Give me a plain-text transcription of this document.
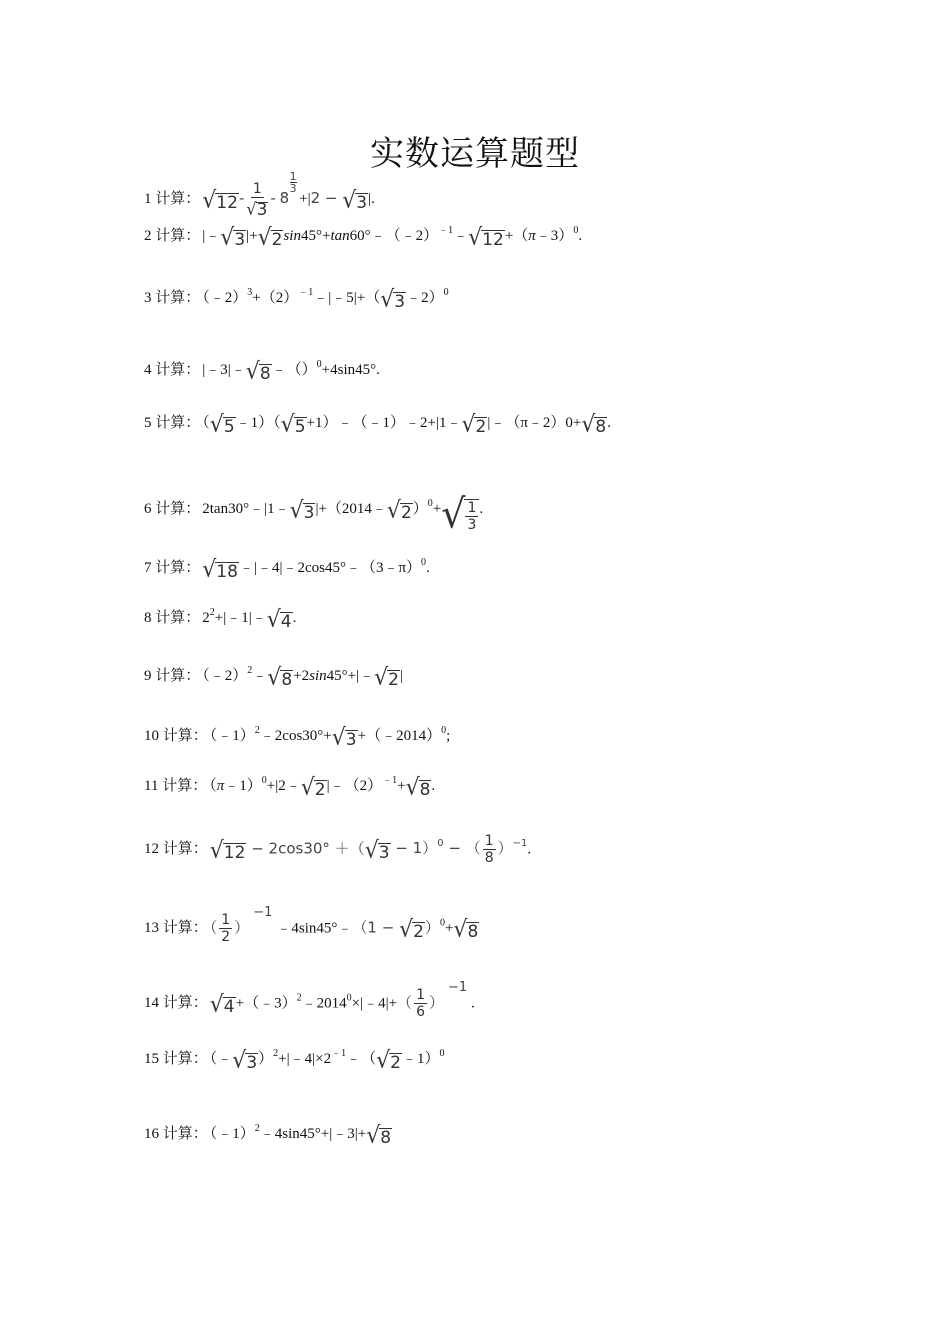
实数运算题型
1 计算： √ $12 - \frac{1}{√ 3} - 8$
1
3
+|2 − √ 3 |.
2 计算： |﹣ √ 3 |+ √ 2 sin45°+tan60°﹣（﹣2）$^{﹣1}$﹣ √ 12 +（π﹣3）$^0$.
3 计算： $(﹣2)^3+(2)^{﹣1}﹣|﹣5|+$（ √ 3 ﹣2）$^0$
4 计算： |﹣3|﹣ √ 8 ﹣（）$^0$+4sin45°.
5 计算： （ √ 5 ﹣1）（ √ 5 +1）﹣（﹣1）﹣2+|1﹣ √ 2 |﹣（π﹣2）0+ √ 8 .
6 计算： 2tan30°﹣|1﹣ √ 3 |+（2014﹣ √ 2 ）$^0$+ √ $\frac{1}{3}$ .
7 计算： √ 18 ﹣|﹣4|﹣2cos45°﹣（3﹣π）$^0$.
8 计算： $2^2+|﹣1|﹣$ √ 4 .
9 计算： （﹣2）$^2$﹣ √ 8 +2sin45°+|﹣ √ 2 |
10 计算： （﹣1）$^2$﹣2cos30°+ √ 3 +（﹣2014）$^0$;
11 计算： （π﹣1）$^0$+|2﹣ √ 2 $|﹣(2)^{﹣1}+$ √ 8 .
12 计算： √ 12 − 2cos30° ＋（ √ 3 − 1）$^0$ − （ $\frac{1}{8} )^{-1}$.
13 计算： （ $\frac{1}{2}$ ）−1﹣4sin45°﹣（1 − √ 2 ）$^0$+ √ 8
14 计算： √ $4 +(﹣3)^2﹣2014^0\times|﹣4|+( \frac{1}{6} )-1$.
15 计算： （﹣ √ 3 ）$^2+|﹣4|\times 2^{﹣1}﹣$（ √ 2 ﹣1）$^0$
16 计算： （﹣1）$^2$﹣4sin45°+|﹣3|+ √ 8
